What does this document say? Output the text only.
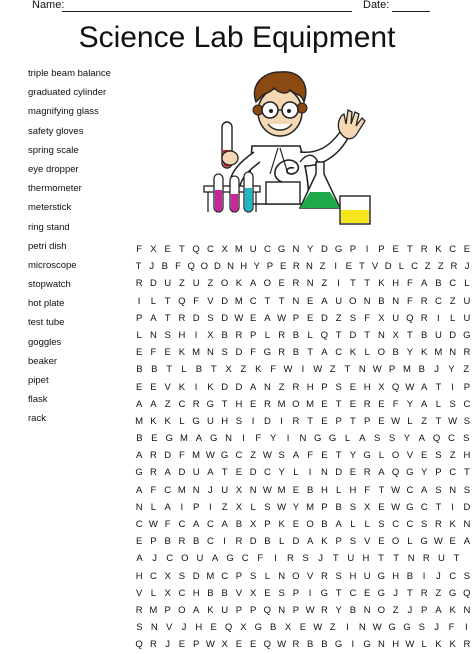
Name:	Date:
Science Lab Equipment
triple beam balance
graduated cylinder
magnifying glass
safety gloves
spring scale
eye dropper
thermometer
meterstick
ring stand
petri dish
microscope
stopwatch
hot plate
test tube
goggles
beaker
pipet
flask
rack
F X E T Q C X M U C G N Y D G P	I	P E T R K C E
T J B F Q O D N H Y P E R N Z I E T V D L C Z Z R J
R D U Z U Z O K A O E R N Z	I	T T K H F A B C L
I	L T Q F V D M C T T N E A U O N B N F R C Z U
P A T R D S D W E A W P E D Z S F X U Q R I	L U
L N S H I	X B R P L R B L Q T D T N X T B U D G
E F E K M N S D F G R B T A C K L O B Y K M N R
B B T L B T X Z K F W I W Z T N W P M B J Y Z
E E V K	I	K D D A N Z R H P S E H X Q W A T	I	P
A A Z C R G T H E R M O M E T E R E F Y A L S C
M K K L G U H S	I	D I	R T E P T P E W L Z T W S
B E G M A G N	I	F Y	I	N G G L A S S Y A Q C S
A R D F M W G C Z W S A F E T Y G L O V E S Z H
G R A D U A T E D C Y L	I	N D E R A Q G Y P C T
A F C M N J U X N W M E B H L H F T W C A S N S
N L A	I	P	I	Z X L S W Y M P B S X E W G C T	I	D
C W F C A C A B X P K E O B A L L S C C S R K N
E P B R B C I	R D B L D A K P S V E O L G W E A
A	J C O U A G C F	I	R S	J	T U H T T N R U T
H C X S D M C P S L N O V R S H U G H B	I	J C S
V L X C H B B V X E S P	I G T C E G J T R Z G Q
R M P O A K U P P Q N P W R Y B N O Z J P A K N
S N V J H E Q X G B X E W Z	I	N W G G S J	F	I
Q R J E P W X E E Q W R B B G I G N H W L K K R
